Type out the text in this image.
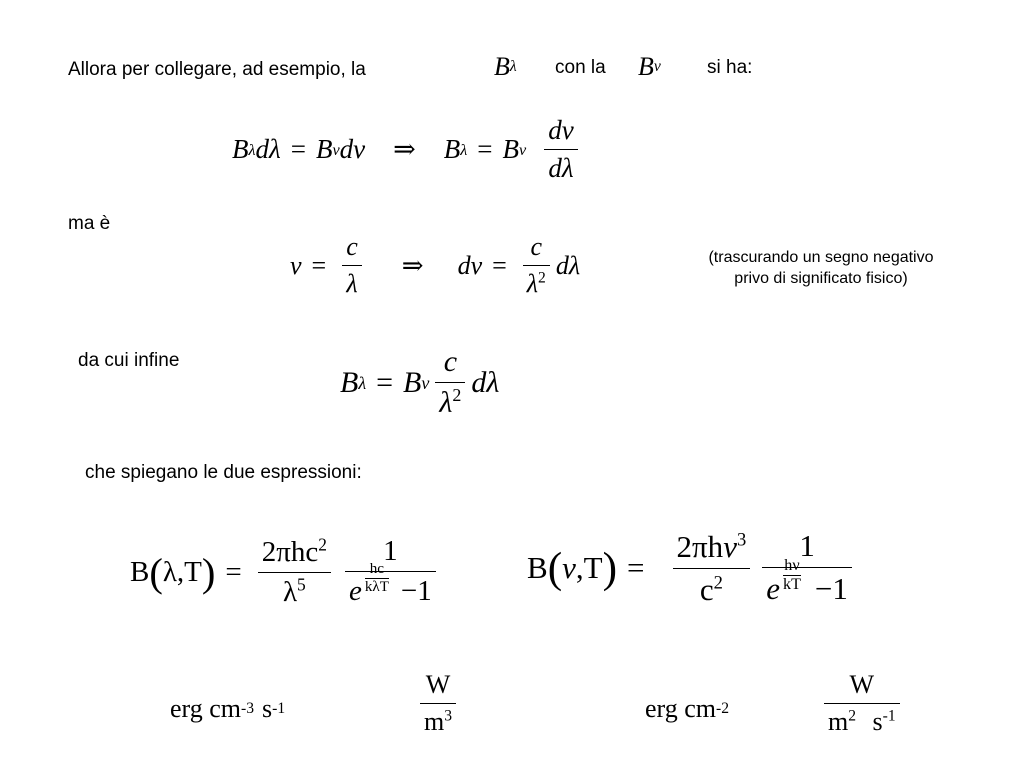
Allora per collegare, ad esempio, la	B λ con la B ν si ha:
B λ dλ = B ν dν ⇒ B λ = B ν $\frac{d\nu}{d\lambda}$
ma è
$\nu = \frac{c}{\lambda}$ ⇒ $d\nu = \frac{c}{\lambda^2}$ dλ	(trascurando un segno negativo
privo di significato fisico)
da cui infine
B λ = B ν $\frac{c}{\lambda^2}$ dλ
che spiegano le due espressioni:
B ( λ,T ) = $\frac{2\pi hc^2}{\lambda^5} \frac{1}{e \frac{hc}{\text{kλT}} -1}$	B ( ν ,T ) = $\frac{2\pi h\nu^3}{c^2} \frac{1}{e \frac{h\nu}{kT} -1}$
erg cm -3 s -1	$\frac{W}{m^3}$	erg cm -2	$\frac{W}{m^2 s^{-1}}$
